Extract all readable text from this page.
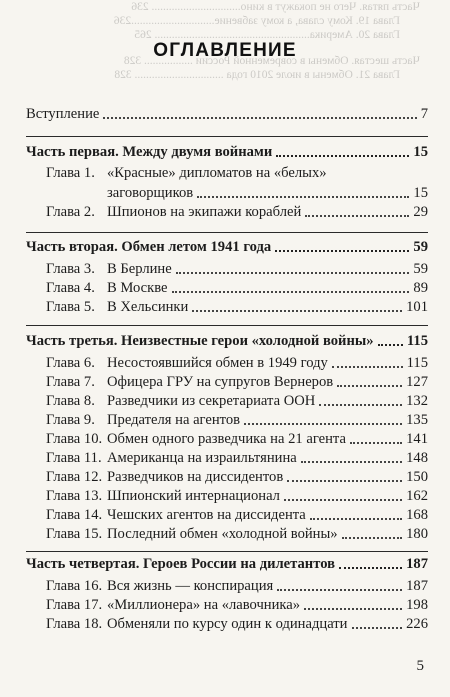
Часть пятая. Чего не покажут в кино............................... 236
Глава 19. Кому слава, а кому забвение.............................236
Глава 20. Америка...................................................... 265
Часть шестая. Обмены в современной России ................. 328
Глава 21. Обмены в июле 2010 года ............................... 328
ОГЛАВЛЕНИЕ
Вступление	7
Часть первая. Между двумя войнами	15
Глава 1. «Красные» дипломатов на «белых»
заговорщиков	15
Глава 2. Шпионов на экипажи кораблей	29
Часть вторая. Обмен летом 1941 года	59
Глава 3. В Берлине	59
Глава 4. В Москве	89
Глава 5. В Хельсинки	101
Часть третья. Неизвестные герои «холодной войны» 115
Глава 6. Несостоявшийся обмен в 1949 году	115
Глава 7. Офицера ГРУ на супругов Вернеров	127
Глава 8. Разведчики из секретариата ООН	132
Глава 9. Предателя на агентов	135
Глава 10. Обмен одного разведчика на 21 агента	141
Глава 11. Американца на израильтянина	148
Глава 12. Разведчиков на диссидентов	150
Глава 13. Шпионский интернационал	162
Глава 14. Чешских агентов на диссидента	168
Глава 15. Последний обмен «холодной войны»	180
Часть четвертая. Героев России на дилетантов	187
Глава 16. Вся жизнь — конспирация	187
Глава 17. «Миллионера» на «лавочника»	198
Глава 18. Обменяли по курсу один к одинадцати	226
5
